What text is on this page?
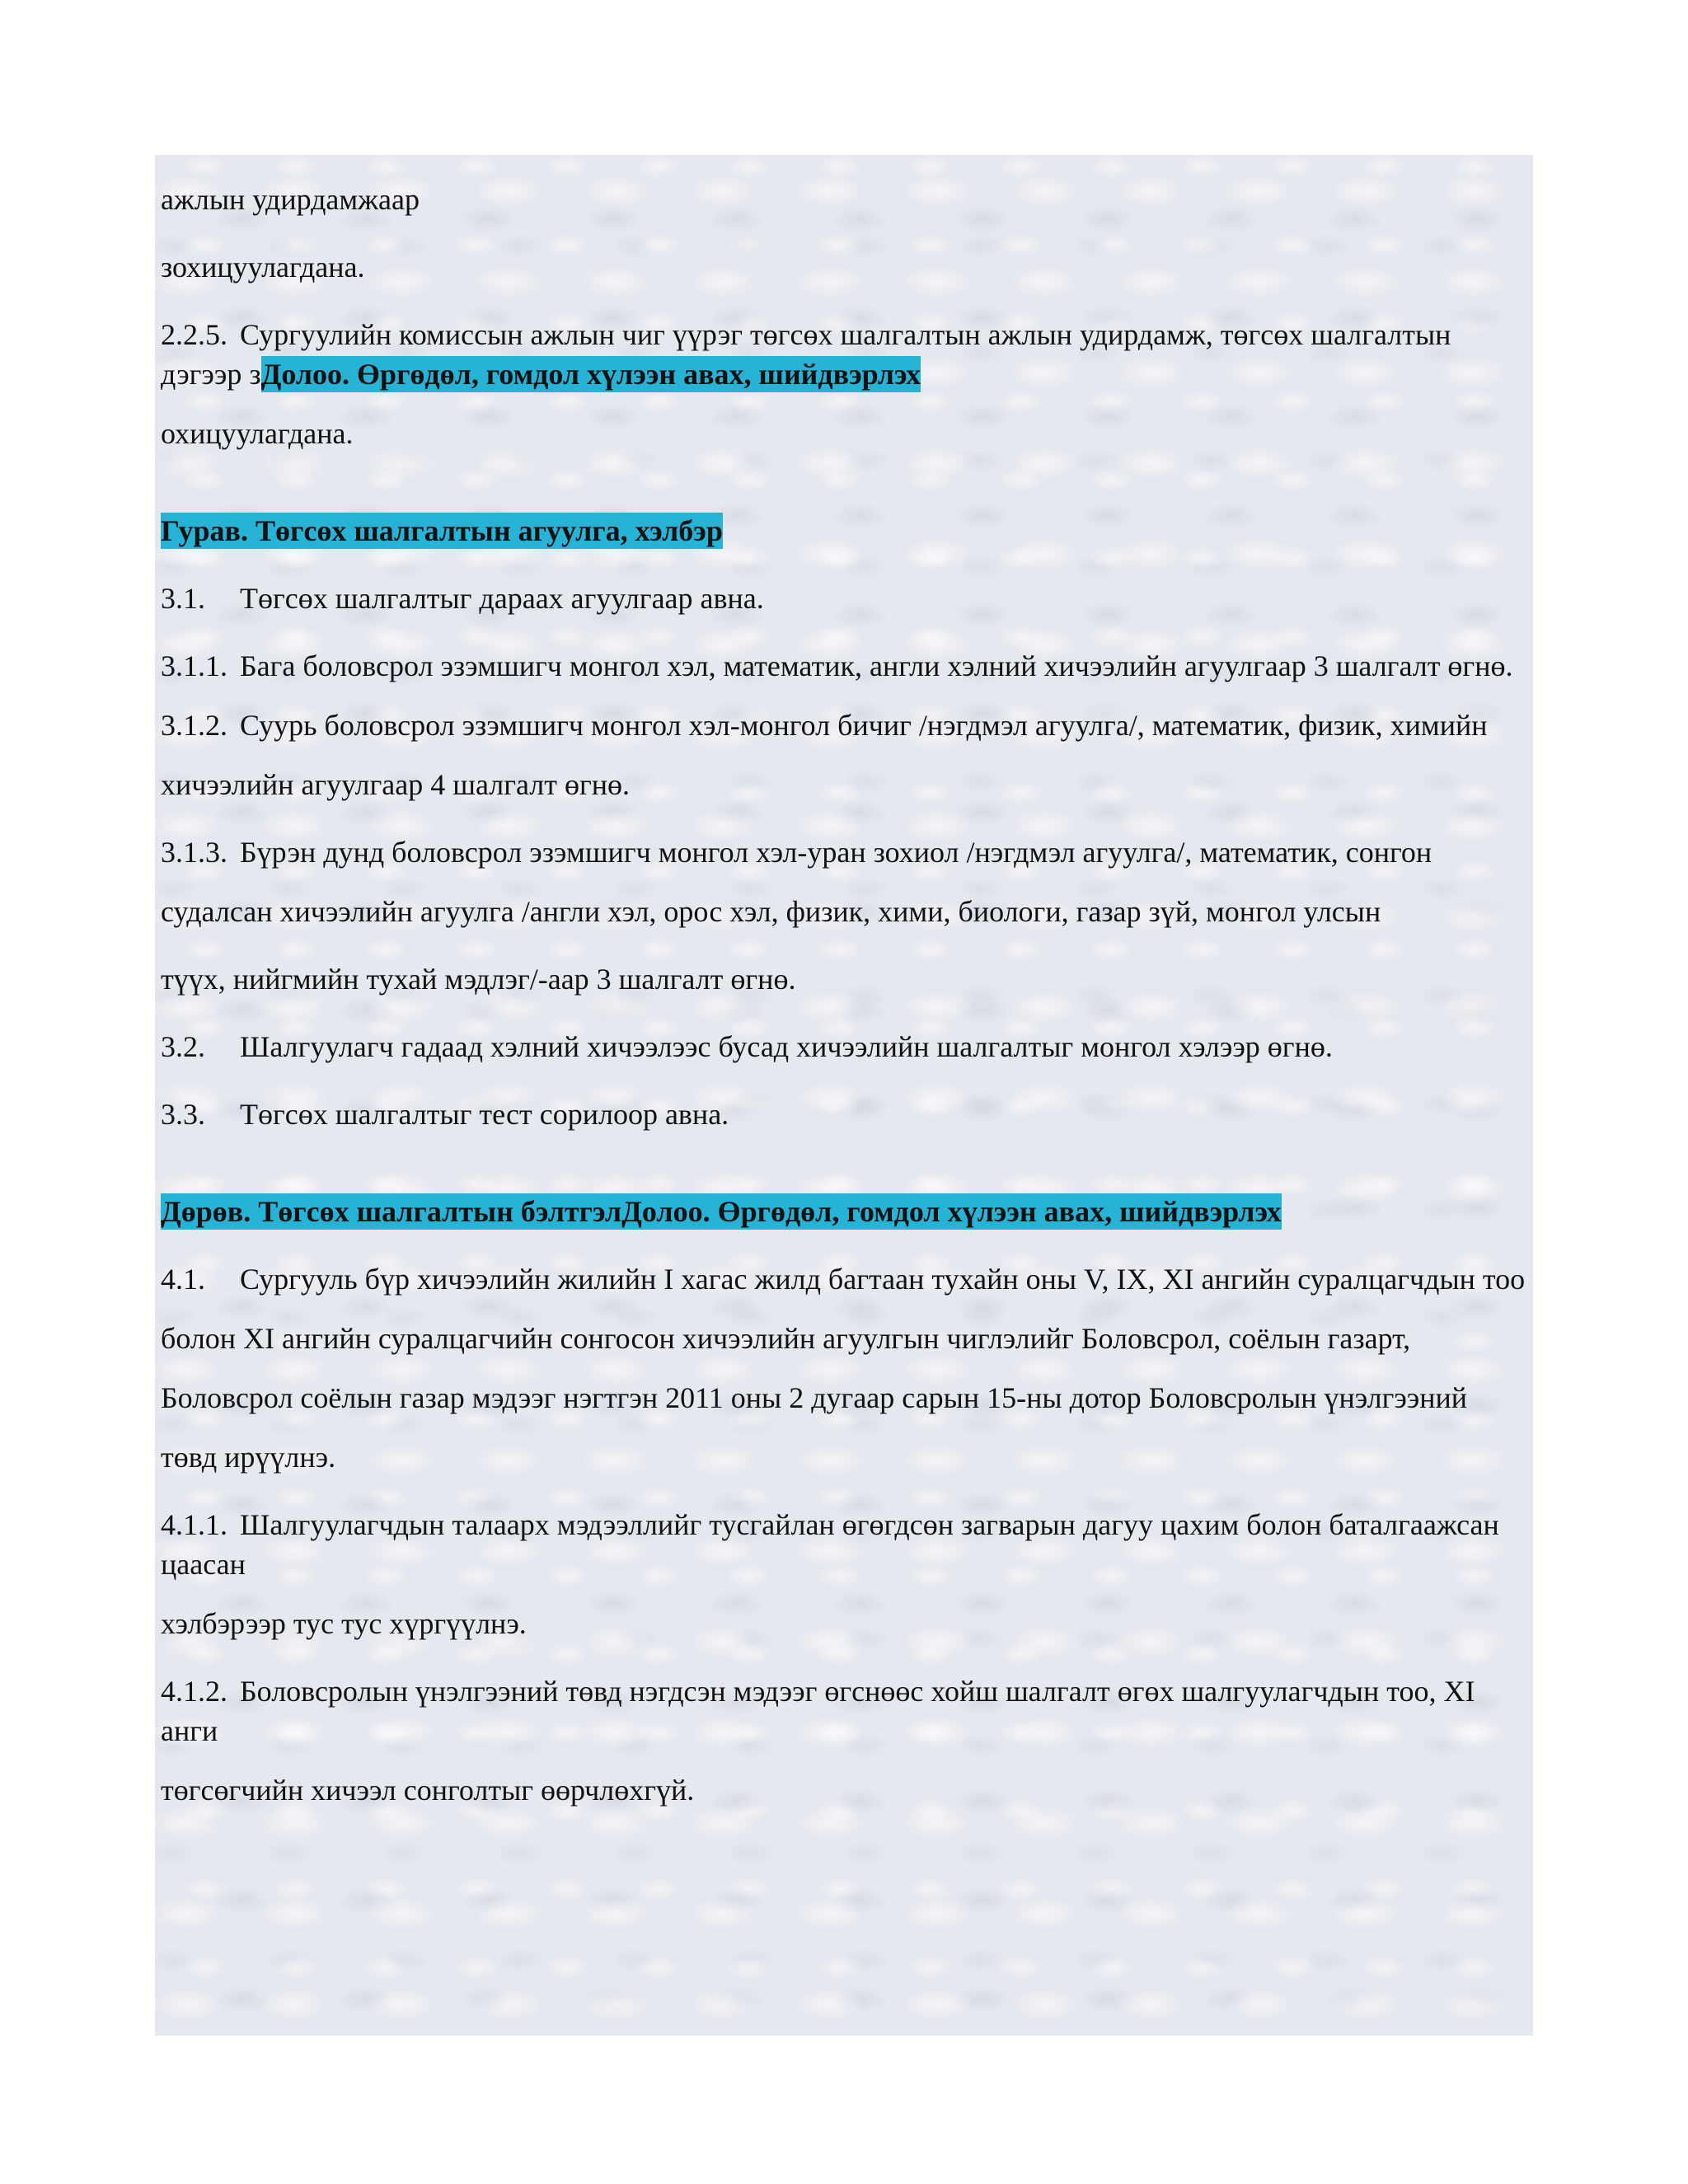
ажлын удирдамжаар

зохицуулагдана.

2.2.5. Сургуулийн комиссын ажлын чиг үүрэг төгсөх шалгалтын ажлын удирдамж, төгсөх шалгалтын дэгээр зДолоо. Өргөдөл, гомдол хүлээн авах, шийдвэрлэх

охицуулагдана.

Гурав. Төгсөх шалгалтын агуулга, хэлбэр

3.1. Төгсөх шалгалтыг дараах агуулгаар авна.

3.1.1. Бага боловсрол эзэмшигч монгол хэл, математик, англи хэлний хичээлийн агуулгаар 3 шалгалт өгнө.

3.1.2. Суурь боловсрол эзэмшигч монгол хэл-монгол бичиг /нэгдмэл агуулга/, математик, физик, химийн

хичээлийн агуулгаар 4 шалгалт өгнө.

3.1.3. Бүрэн дунд боловсрол эзэмшигч монгол хэл-уран зохиол /нэгдмэл агуулга/, математик, сонгон

судалсан хичээлийн агуулга /англи хэл, орос хэл, физик, хими, биологи, газар зүй, монгол улсын

түүх, нийгмийн тухай мэдлэг/-аар 3 шалгалт өгнө.

3.2. Шалгуулагч гадаад хэлний хичээлээс бусад хичээлийн шалгалтыг монгол хэлээр өгнө.

3.3. Төгсөх шалгалтыг тест сорилоор авна.

Дөрөв. Төгсөх шалгалтын бэлтгэлДолоо. Өргөдөл, гомдол хүлээн авах, шийдвэрлэх

4.1. Сургууль бүр хичээлийн жилийн I хагас жилд багтаан тухайн оны V, IX, XI ангийн суралцагчдын тоо

болон XI ангийн суралцагчийн сонгосон хичээлийн агуулгын чиглэлийг Боловсрол, соёлын газарт,

Боловсрол соёлын газар мэдээг нэгтгэн 2011 оны 2 дугаар сарын 15-ны дотор Боловсролын үнэлгээний

төвд ирүүлнэ.

4.1.1. Шалгуулагчдын талаарх мэдээллийг тусгайлан өгөгдсөн загварын дагуу цахим болон баталгаажсан цаасан

хэлбэрээр тус тус хүргүүлнэ.

4.1.2. Боловсролын үнэлгээний төвд нэгдсэн мэдээг өгснөөс хойш шалгалт өгөх шалгуулагчдын тоо, XI анги

төгсөгчийн хичээл сонголтыг өөрчлөхгүй.
